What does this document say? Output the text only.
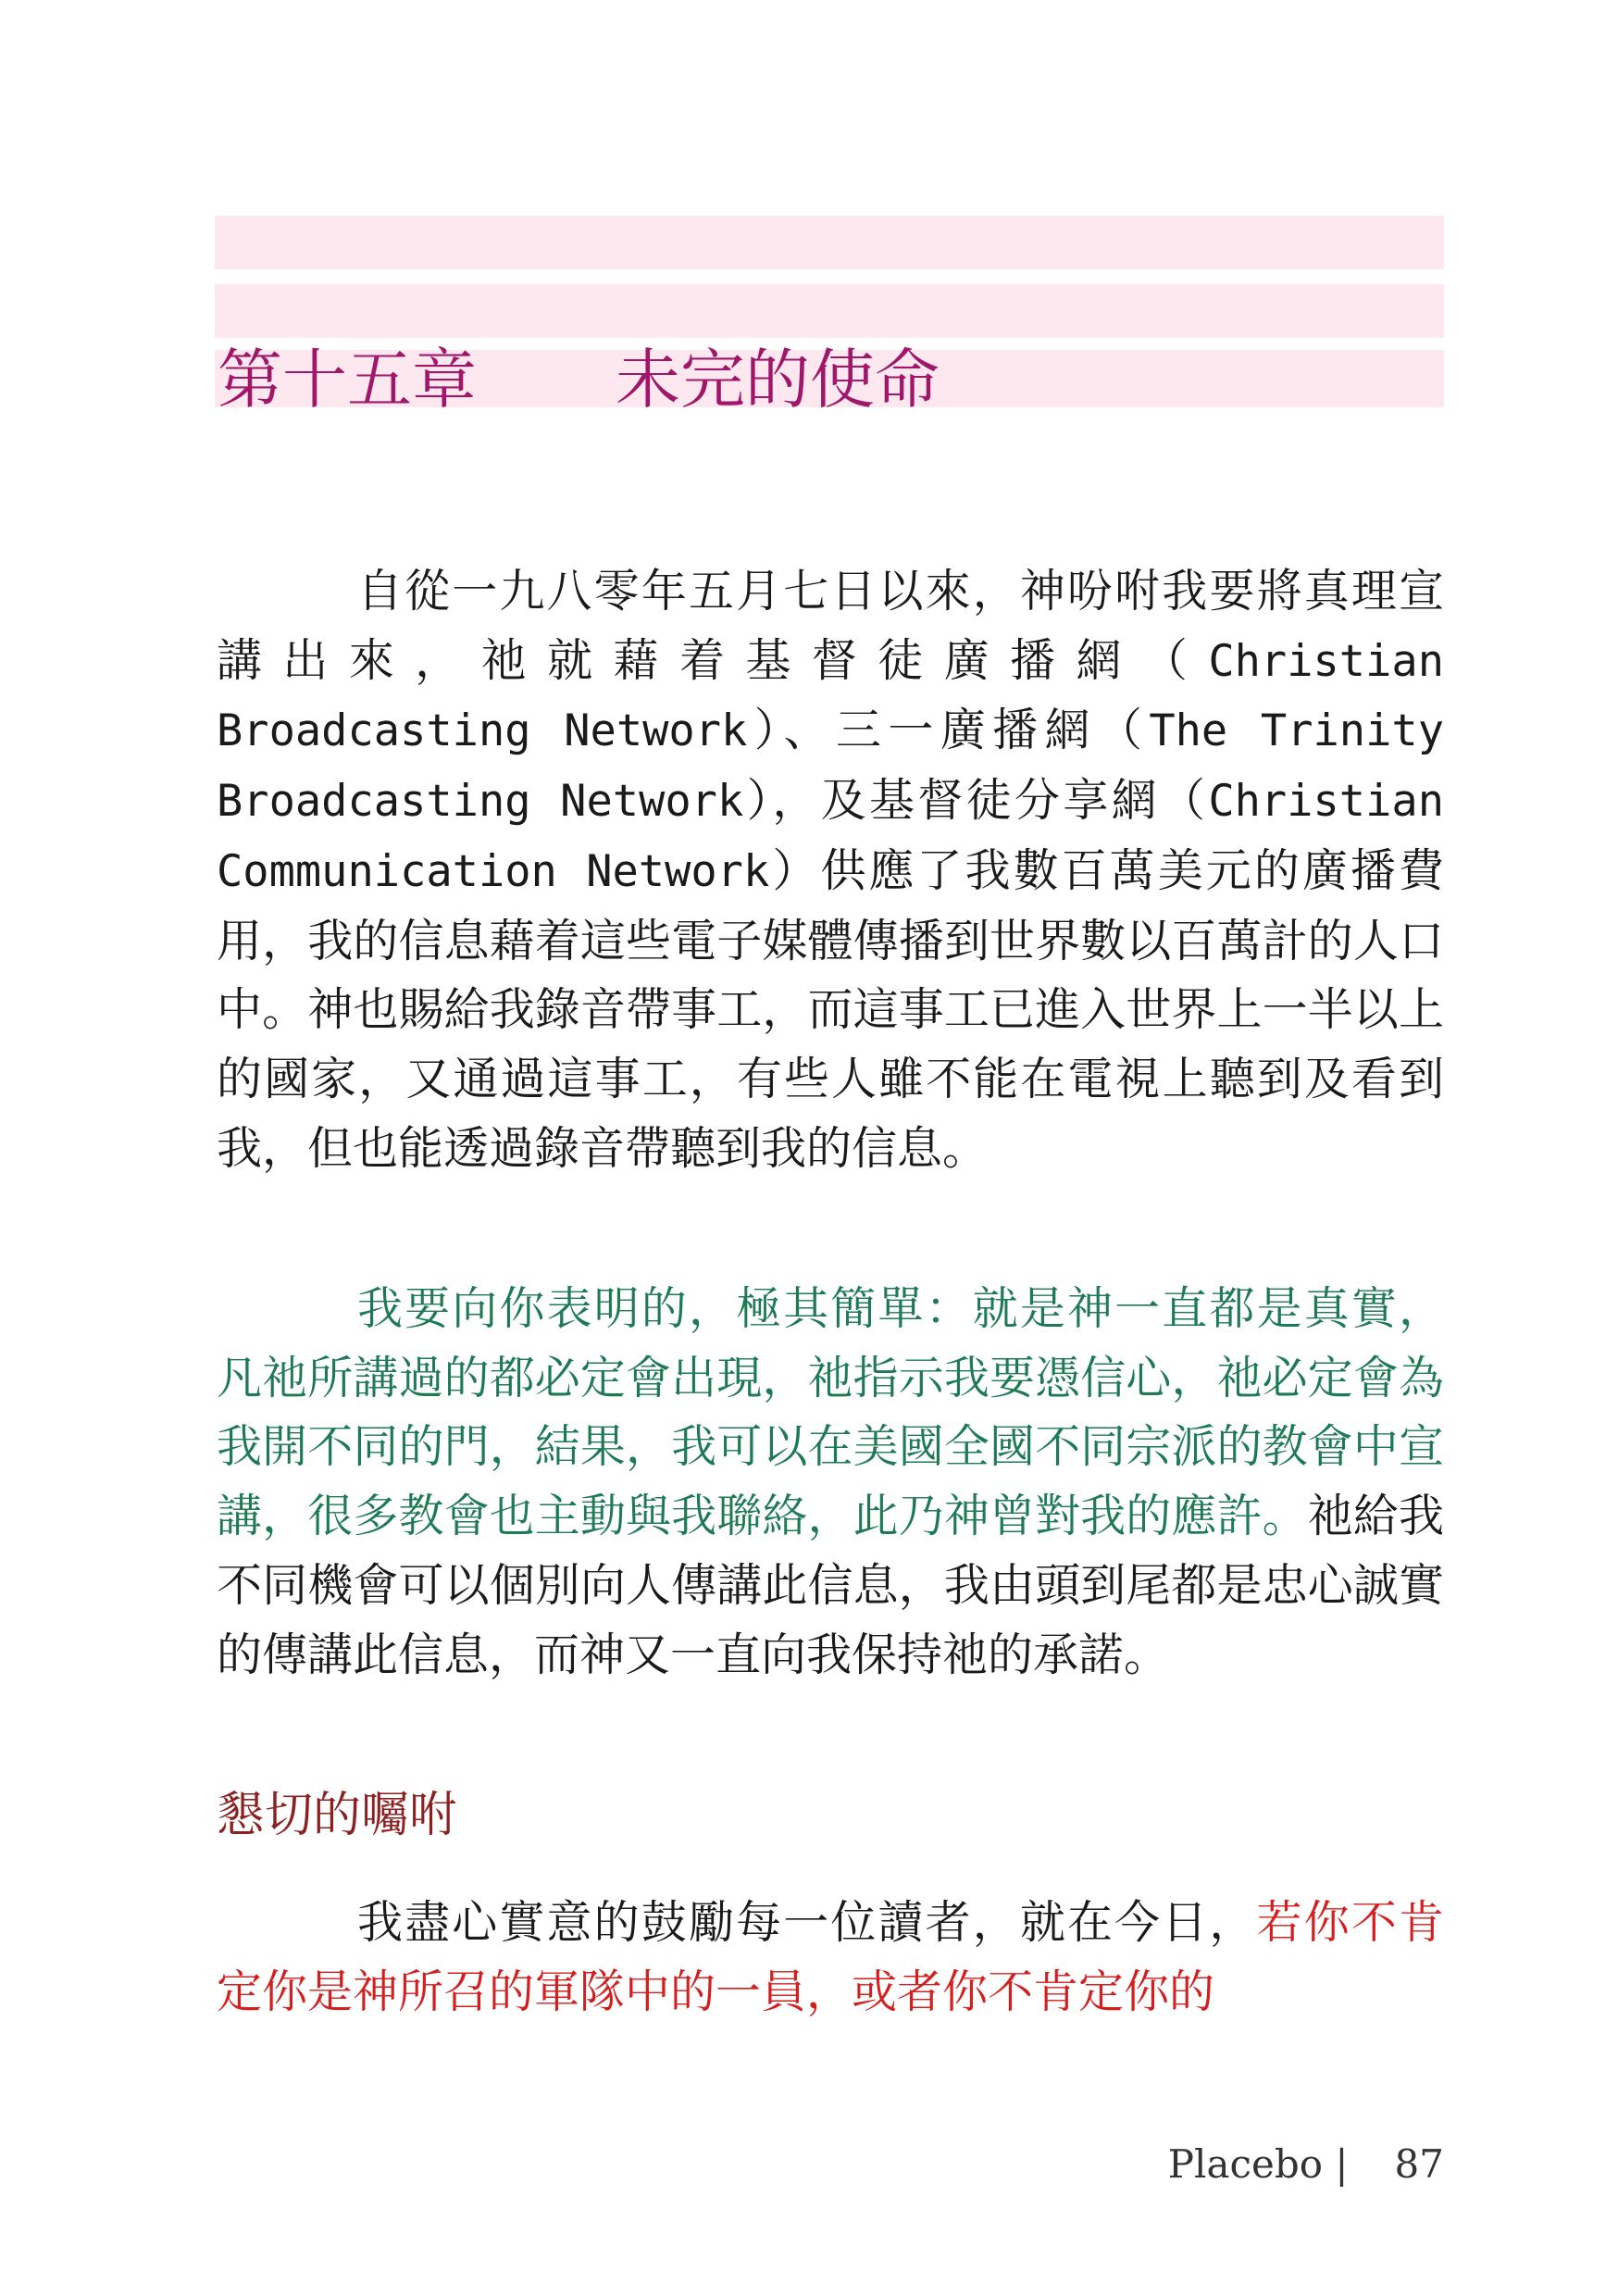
第十五章 未完的使命

自從一九八零年五月七日以來，神吩咐我要將真理宣講出來，祂就藉着基督徒廣播網（Christian Broadcasting Network）、三一廣播網（The Trinity Broadcasting Network），及基督徒分享網（Christian Communication Network）供應了我數百萬美元的廣播費用，我的信息藉着這些電子媒體傳播到世界數以百萬計的人口中。神也賜給我錄音帶事工，而這事工已進入世界上一半以上的國家，又通過這事工，有些人雖不能在電視上聽到及看到我，但也能透過錄音帶聽到我的信息。

我要向你表明的，極其簡單：就是神一直都是真實，凡祂所講過的都必定會出現，祂指示我要憑信心，祂必定會為我開不同的門，結果，我可以在美國全國不同宗派的教會中宣講，很多教會也主動與我聯絡，此乃神曾對我的應許。祂給我不同機會可以個別向人傳講此信息，我由頭到尾都是忠心誠實的傳講此信息，而神又一直向我保持祂的承諾。

懇切的囑咐

我盡心實意的鼓勵每一位讀者，就在今日，若你不肯定你是神所召的軍隊中的一員，或者你不肯定你的

Placebo | 87
